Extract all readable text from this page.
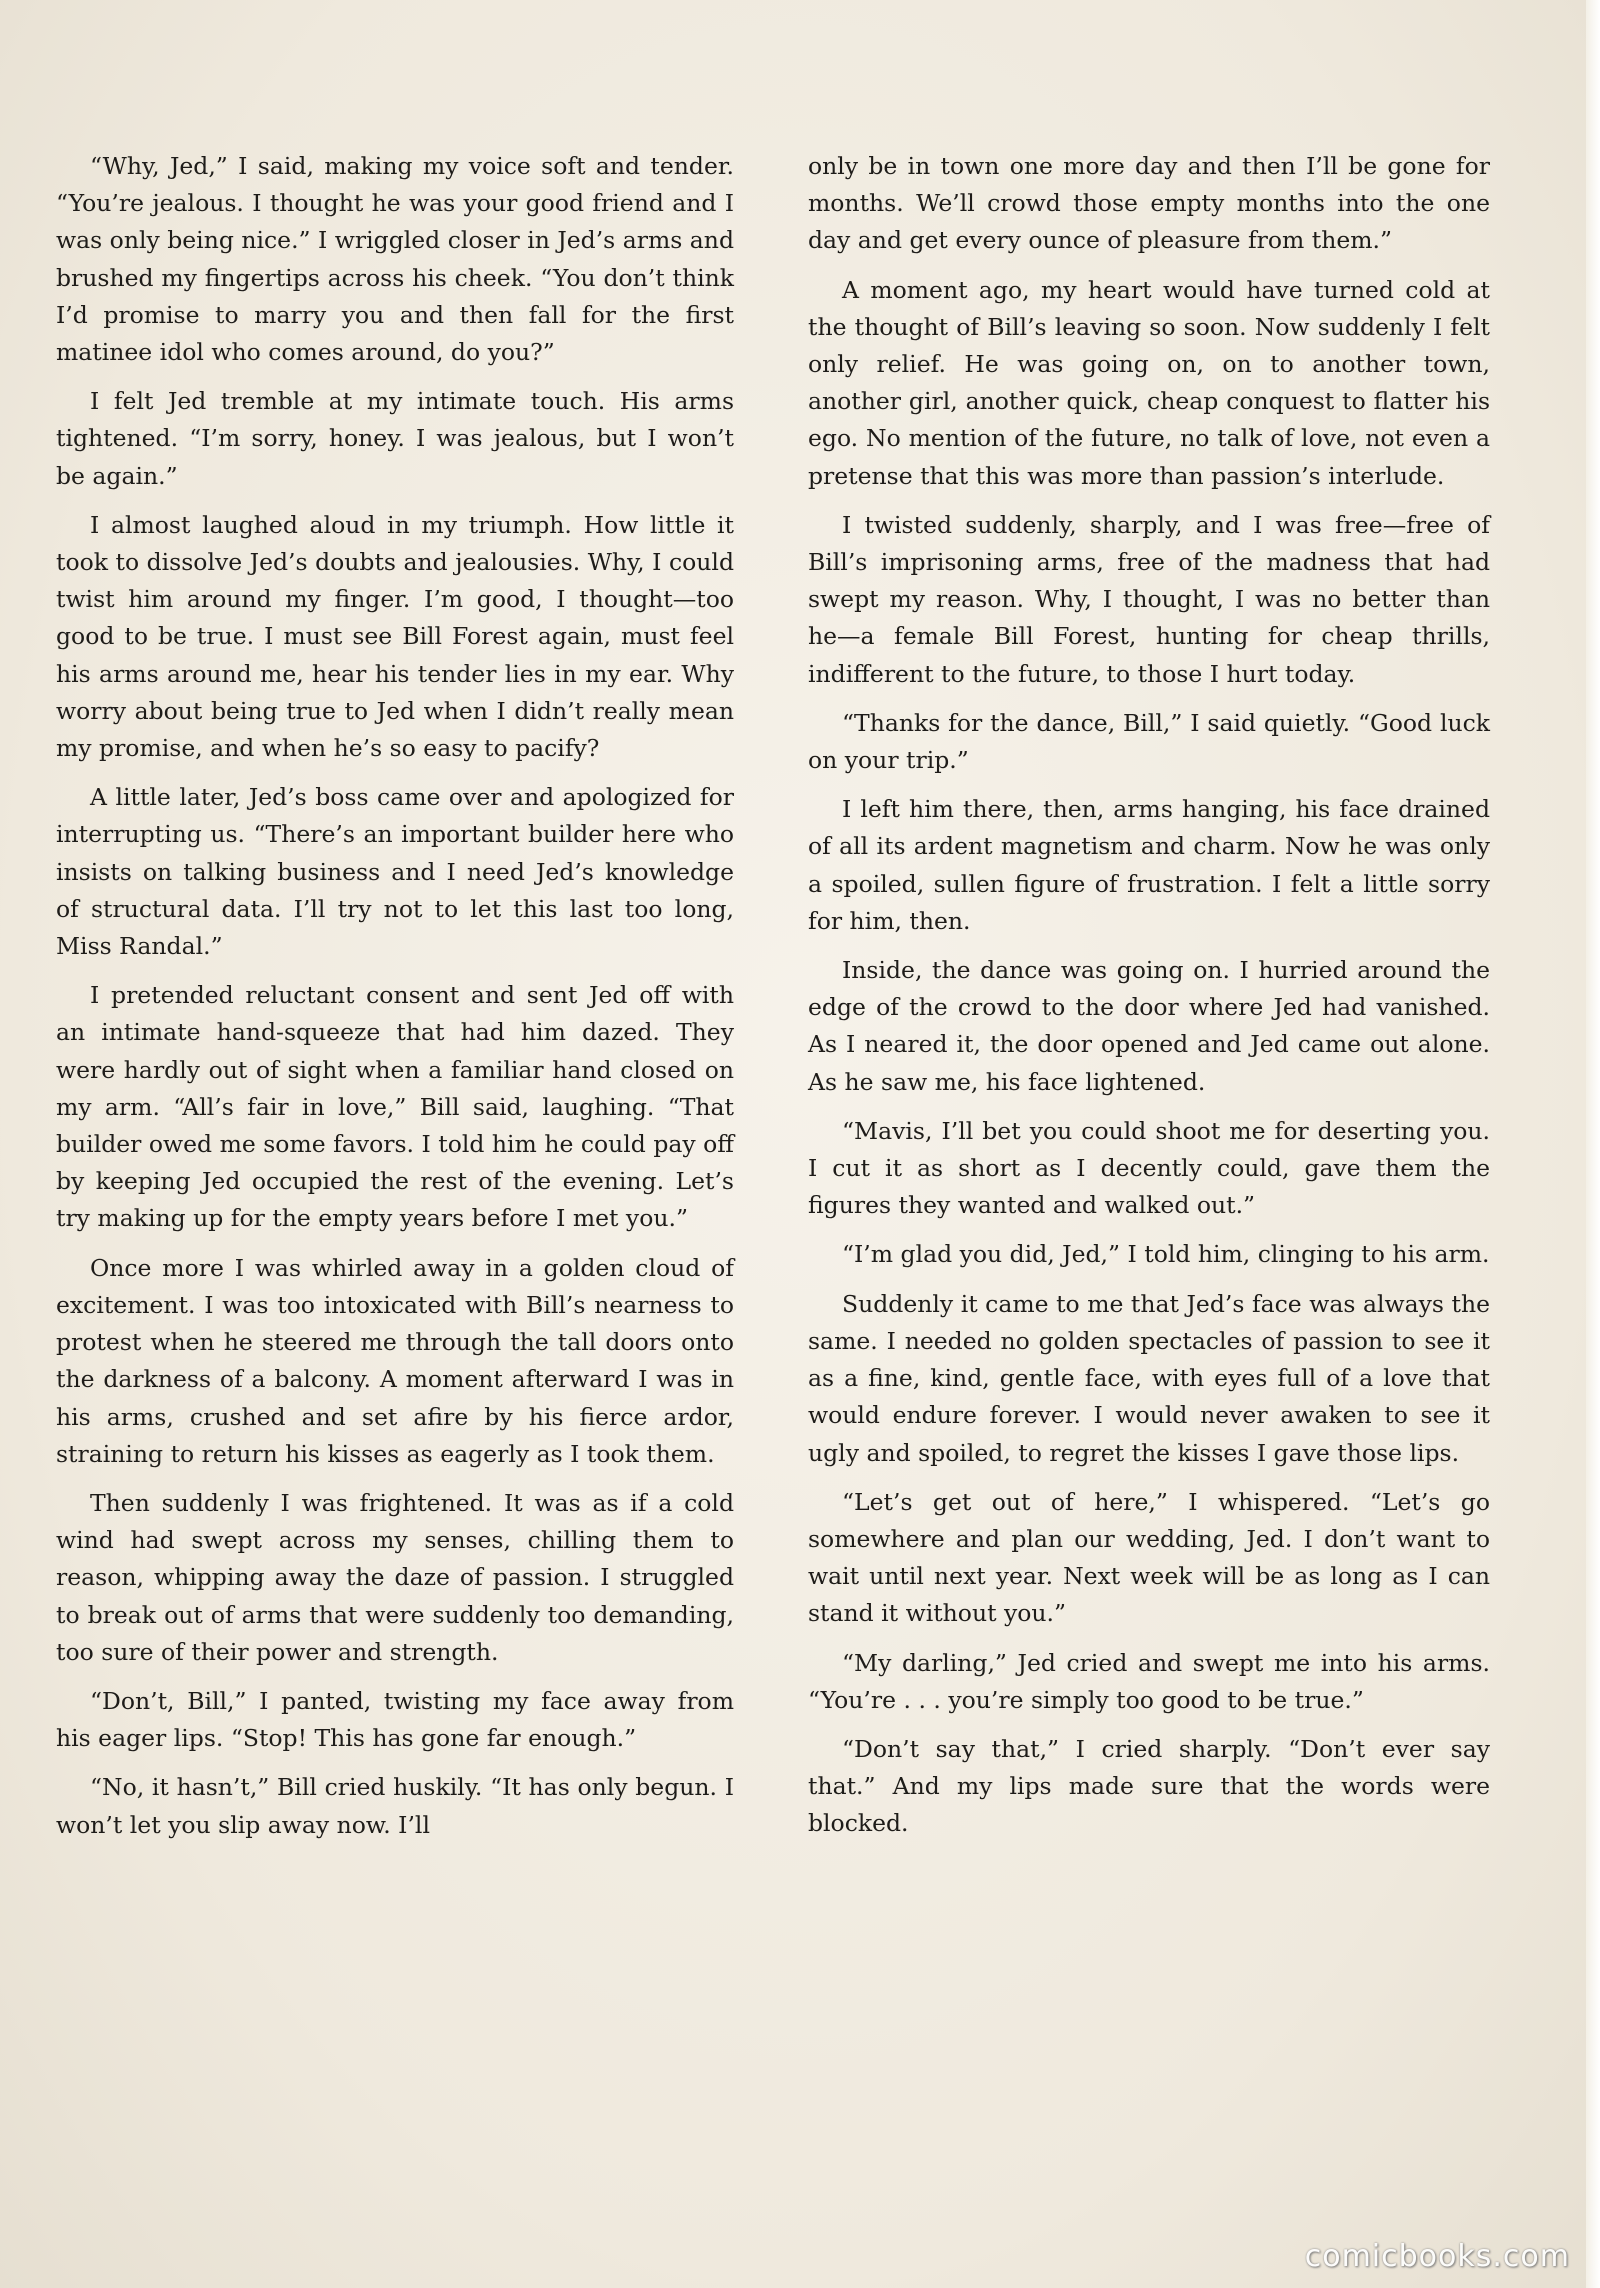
“Why, Jed,” I said, making my voice soft and tender. “You’re jealous. I thought he was your good friend and I was only being nice.” I wriggled closer in Jed’s arms and brushed my fingertips across his cheek. “You don’t think I’d promise to marry you and then fall for the first matinee idol who comes around, do you?”

I felt Jed tremble at my intimate touch. His arms tightened. “I’m sorry, honey. I was jealous, but I won’t be again.”

I almost laughed aloud in my triumph. How little it took to dissolve Jed’s doubts and jealousies. Why, I could twist him around my finger. I’m good, I thought—too good to be true. I must see Bill Forest again, must feel his arms around me, hear his tender lies in my ear. Why worry about being true to Jed when I didn’t really mean my promise, and when he’s so easy to pacify?

A little later, Jed’s boss came over and apologized for interrupting us. “There’s an important builder here who insists on talking business and I need Jed’s knowledge of structural data. I’ll try not to let this last too long, Miss Randal.”

I pretended reluctant consent and sent Jed off with an intimate hand-squeeze that had him dazed. They were hardly out of sight when a familiar hand closed on my arm. “All’s fair in love,” Bill said, laughing. “That builder owed me some favors. I told him he could pay off by keeping Jed occupied the rest of the evening. Let’s try making up for the empty years before I met you.”

Once more I was whirled away in a golden cloud of excitement. I was too intoxicated with Bill’s nearness to protest when he steered me through the tall doors onto the darkness of a balcony. A moment afterward I was in his arms, crushed and set afire by his fierce ardor, straining to return his kisses as eagerly as I took them.

Then suddenly I was frightened. It was as if a cold wind had swept across my senses, chilling them to reason, whipping away the daze of passion. I struggled to break out of arms that were suddenly too demanding, too sure of their power and strength.

“Don’t, Bill,” I panted, twisting my face away from his eager lips. “Stop! This has gone far enough.”

“No, it hasn’t,” Bill cried huskily. “It has only begun. I won’t let you slip away now. I’ll

only be in town one more day and then I’ll be gone for months. We’ll crowd those empty months into the one day and get every ounce of pleasure from them.”

A moment ago, my heart would have turned cold at the thought of Bill’s leaving so soon. Now suddenly I felt only relief. He was going on, on to another town, another girl, another quick, cheap conquest to flatter his ego. No mention of the future, no talk of love, not even a pretense that this was more than passion’s interlude.

I twisted suddenly, sharply, and I was free—free of Bill’s imprisoning arms, free of the madness that had swept my reason. Why, I thought, I was no better than he—a female Bill Forest, hunting for cheap thrills, indifferent to the future, to those I hurt today.

“Thanks for the dance, Bill,” I said quietly. “Good luck on your trip.”

I left him there, then, arms hanging, his face drained of all its ardent magnetism and charm. Now he was only a spoiled, sullen figure of frustration. I felt a little sorry for him, then.

Inside, the dance was going on. I hurried around the edge of the crowd to the door where Jed had vanished. As I neared it, the door opened and Jed came out alone. As he saw me, his face lightened.

“Mavis, I’ll bet you could shoot me for deserting you. I cut it as short as I decently could, gave them the figures they wanted and walked out.”

“I’m glad you did, Jed,” I told him, clinging to his arm.

Suddenly it came to me that Jed’s face was always the same. I needed no golden spectacles of passion to see it as a fine, kind, gentle face, with eyes full of a love that would endure forever. I would never awaken to see it ugly and spoiled, to regret the kisses I gave those lips.

“Let’s get out of here,” I whispered. “Let’s go somewhere and plan our wedding, Jed. I don’t want to wait until next year. Next week will be as long as I can stand it without you.”

“My darling,” Jed cried and swept me into his arms. “You’re . . . you’re simply too good to be true.”

“Don’t say that,” I cried sharply. “Don’t ever say that.” And my lips made sure that the words were blocked.

comicbooks.com
